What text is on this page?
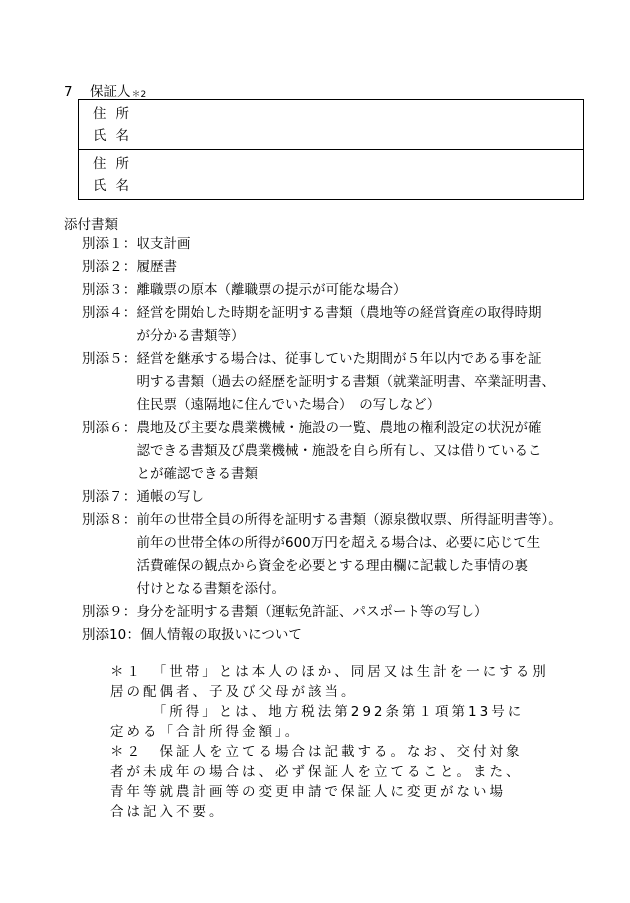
7 保証人$_{*2}$
住所
氏名
住所
氏名
添付書類
別添１ ： 収支計画
別添２ ： 履歴書
別添３ ： 離職票の原本（離職票の提示が可能な場合）
別添４ ： 経営を開始した時期を証明する書類（農地等の経営資産の取得時期
が分かる書類等）
別添５ ： 経営を継承する場合は、従事していた期間が５年以内である事を証
明する書類（過去の経歴を証明する書類（就業証明書、卒業証明書、
住民票（遠隔地に住んでいた場合）　の写しなど）
別添６ ： 農地及び主要な農業機械・施設の一覧、農地の権利設定の状況が確
認できる書類及び農業機械・施設を自ら所有し、又は借りているこ
とが確認できる書類
別添７ ： 通帳の写し
別添８ ： 前年の世帯全員の所得を証明する書類（源泉徴収票、所得証明書等）。
前年の世帯全体の所得が600万円を超える場合は、必要に応じて生
活費確保の観点から資金を必要とする理由欄に記載した事情の裏
付けとなる書類を添付。
別添９ ： 身分を証明する書類（運転免許証、パスポート等の写し）
別添10 ： 個人情報の取扱いについて
＊１　「世帯」とは本人のほか、同居又は生計を一にする別
居の配偶者、子及び父母が該当。
　　　「所得」とは、地方税法第292条第１項第13号に
定める「合計所得金額」。
＊２　保証人を立てる場合は記載する。なお、交付対象
者が未成年の場合は、必ず保証人を立てること。また、
青年等就農計画等の変更申請で保証人に変更がない場
合は記入不要。
